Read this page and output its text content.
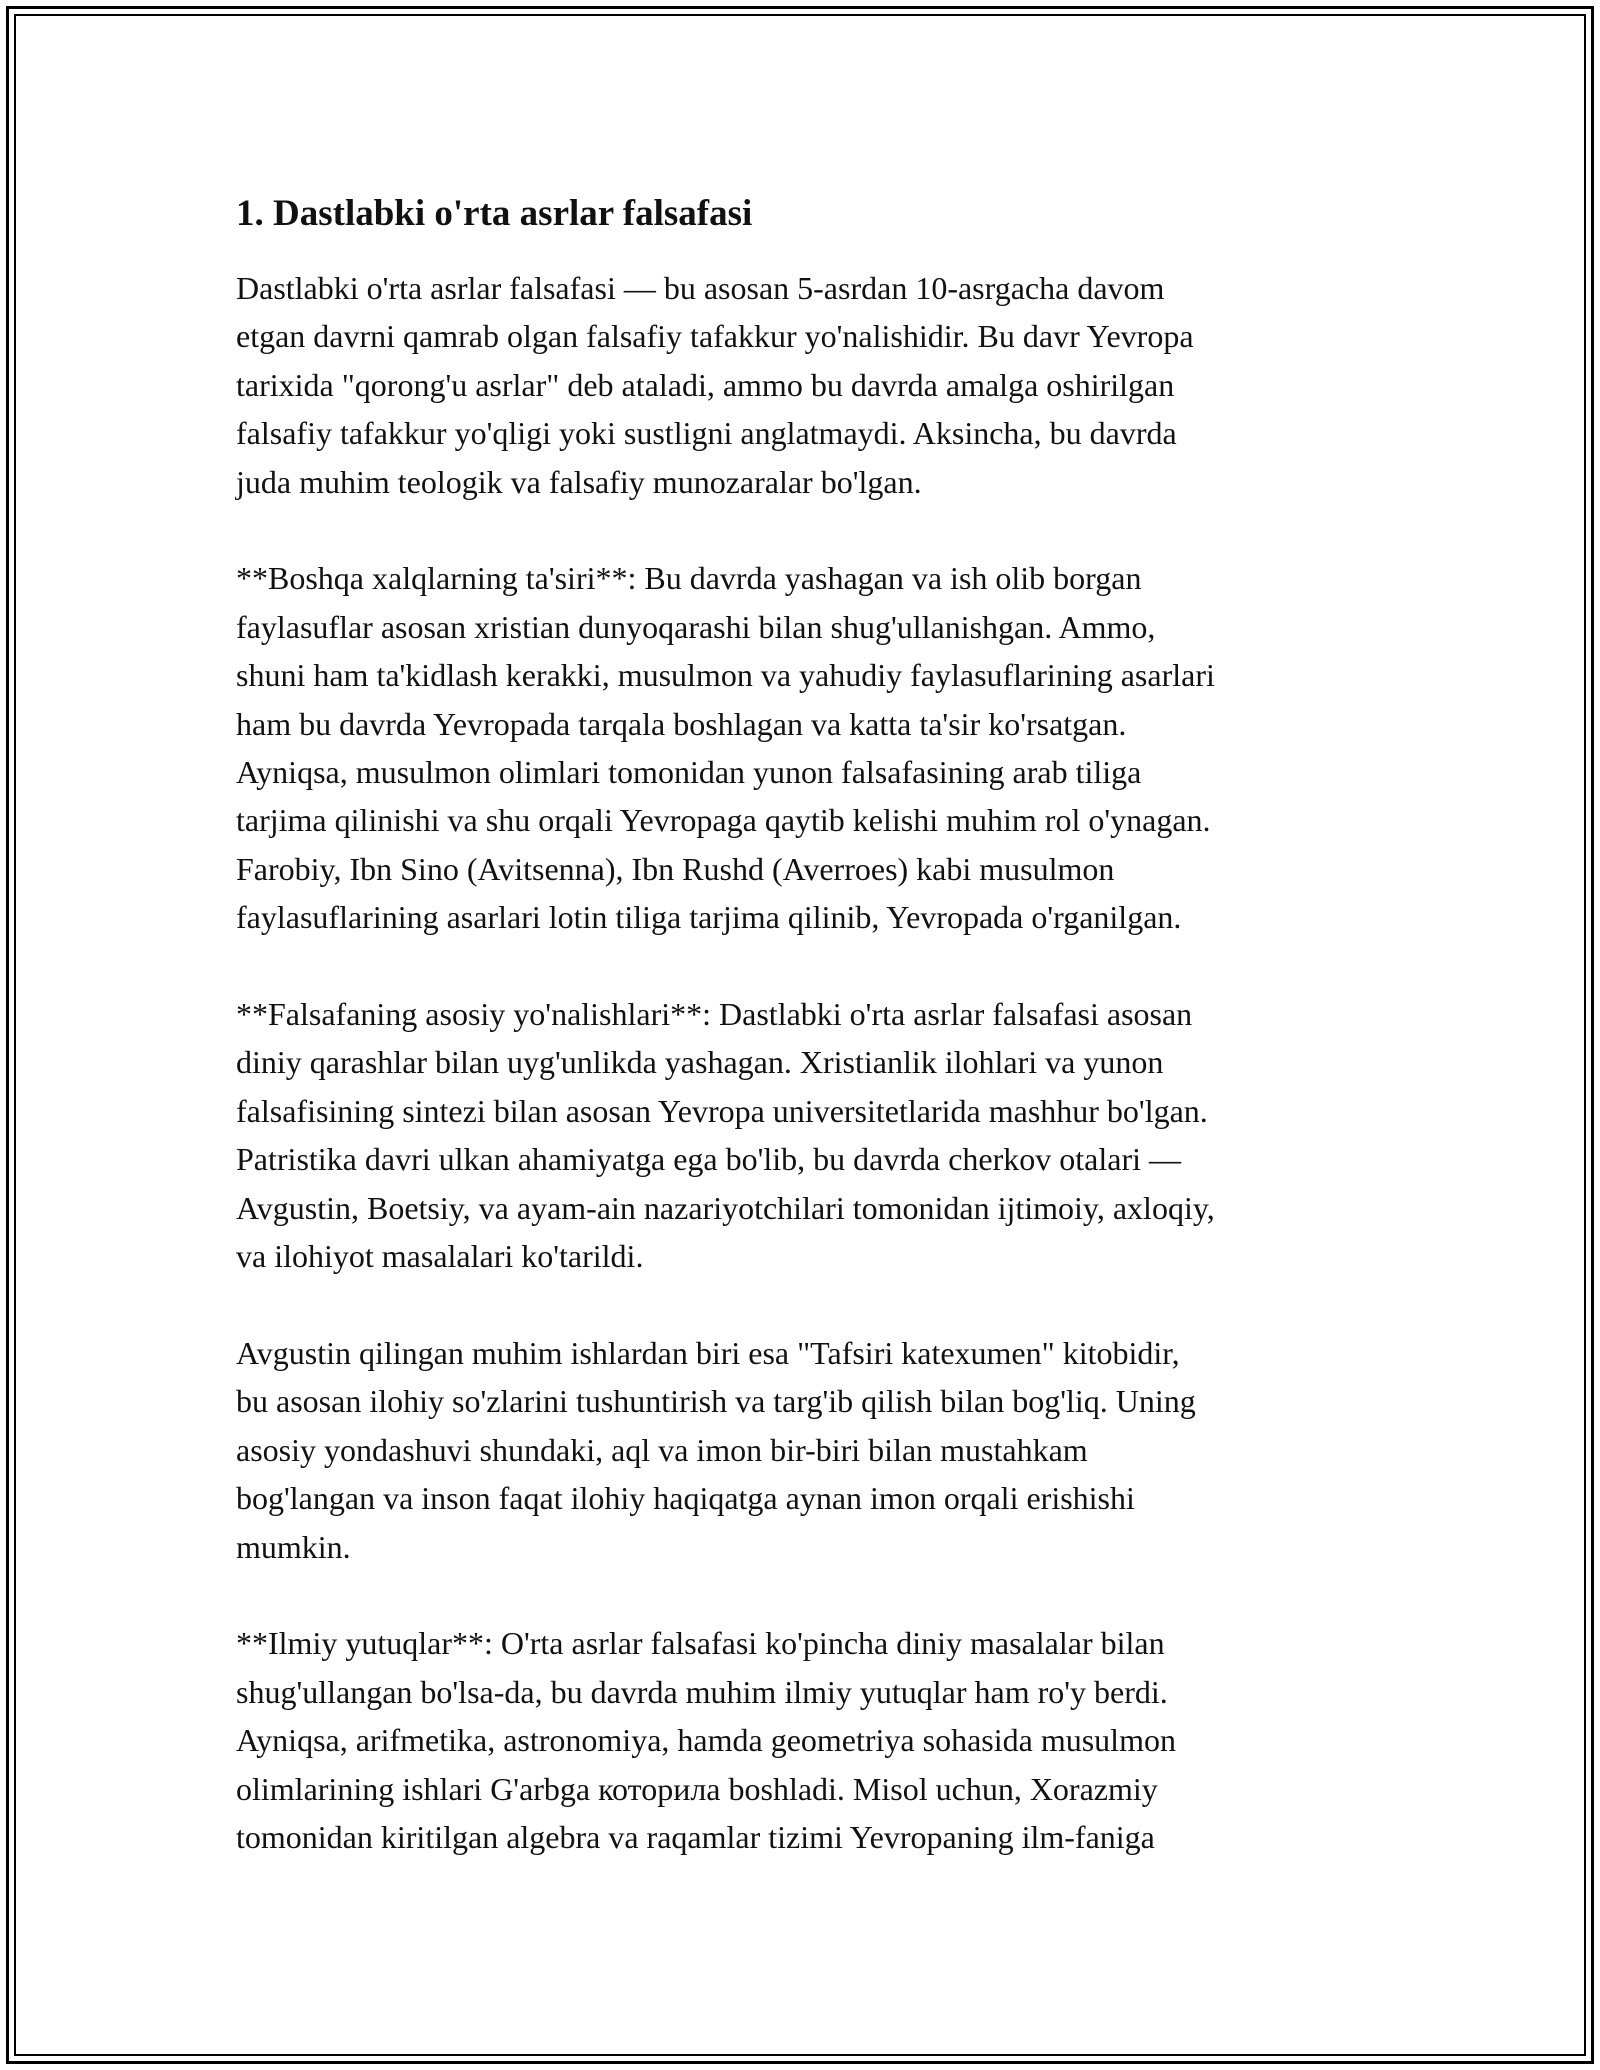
1. Dastlabki o'rta asrlar falsafasi

Dastlabki o'rta asrlar falsafasi — bu asosan 5-asrdan 10-asrgacha davom
etgan davrni qamrab olgan falsafiy tafakkur yo'nalishidir. Bu davr Yevropa
tarixida "qorong'u asrlar" deb ataladi, ammo bu davrda amalga oshirilgan
falsafiy tafakkur yo'qligi yoki sustligni anglatmaydi. Aksincha, bu davrda
juda muhim teologik va falsafiy munozaralar bo'lgan.

**Boshqa xalqlarning ta'siri**: Bu davrda yashagan va ish olib borgan
faylasuflar asosan xristian dunyoqarashi bilan shug'ullanishgan. Ammo,
shuni ham ta'kidlash kerakki, musulmon va yahudiy faylasuflarining asarlari
ham bu davrda Yevropada tarqala boshlagan va katta ta'sir ko'rsatgan.
Ayniqsa, musulmon olimlari tomonidan yunon falsafasining arab tiliga
tarjima qilinishi va shu orqali Yevropaga qaytib kelishi muhim rol o'ynagan.
Farobiy, Ibn Sino (Avitsenna), Ibn Rushd (Averroes) kabi musulmon
faylasuflarining asarlari lotin tiliga tarjima qilinib, Yevropada o'rganilgan.

**Falsafaning asosiy yo'nalishlari**: Dastlabki o'rta asrlar falsafasi asosan
diniy qarashlar bilan uyg'unlikda yashagan. Xristianlik ilohlari va yunon
falsafisining sintezi bilan asosan Yevropa universitetlarida mashhur bo'lgan.
Patristika davri ulkan ahamiyatga ega bo'lib, bu davrda cherkov otalari —
Avgustin, Boetsiy, va ayam-ain nazariyotchilari tomonidan ijtimoiy, axloqiy,
va ilohiyot masalalari ko'tarildi.

Avgustin qilingan muhim ishlardan biri esa "Tafsiri katexumen" kitobidir,
bu asosan ilohiy so'zlarini tushuntirish va targ'ib qilish bilan bog'liq. Uning
asosiy yondashuvi shundaki, aql va imon bir-biri bilan mustahkam
bog'langan va inson faqat ilohiy haqiqatga aynan imon orqali erishishi
mumkin.

**Ilmiy yutuqlar**: O'rta asrlar falsafasi ko'pincha diniy masalalar bilan
shug'ullangan bo'lsa-da, bu davrda muhim ilmiy yutuqlar ham ro'y berdi.
Ayniqsa, arifmetika, astronomiya, hamda geometriya sohasida musulmon
olimlarining ishlari G'arbga которила boshladi. Misol uchun, Xorazmiy
tomonidan kiritilgan algebra va raqamlar tizimi Yevropaning ilm-faniga
